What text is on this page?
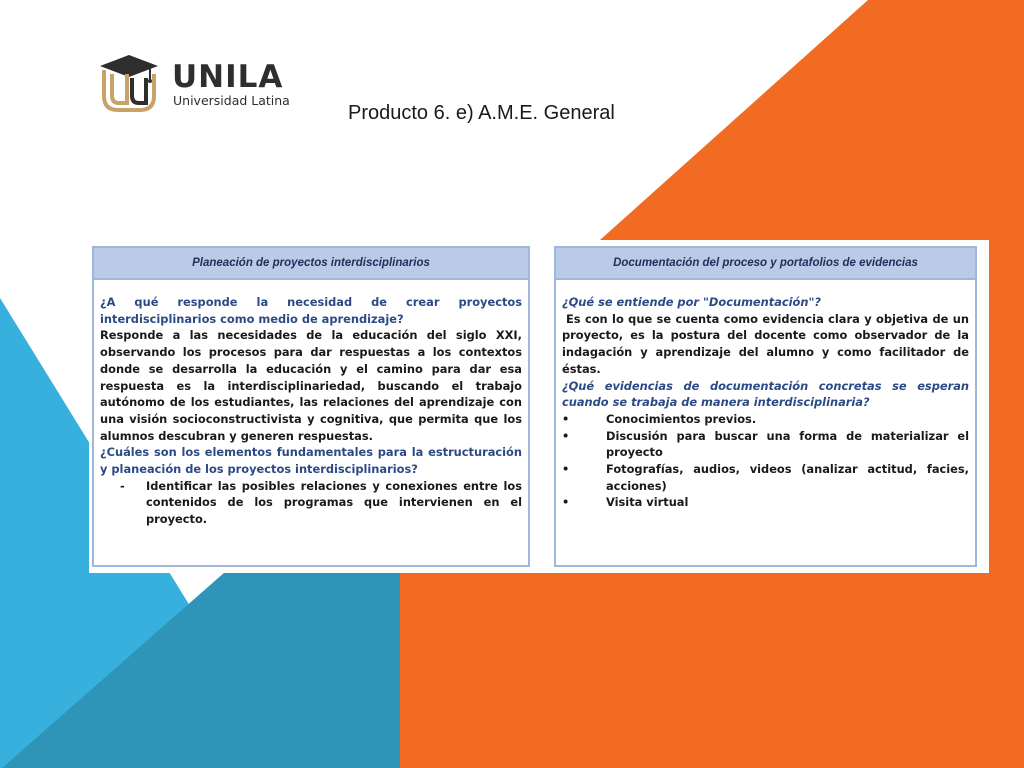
UNILA
Universidad Latina
Producto 6. e) A.M.E. General
Planeación de proyectos interdisciplinarios

¿A qué responde la necesidad de crear proyectos interdisciplinarios como medio de aprendizaje?

Responde a las necesidades de la educación del siglo XXI, observando los procesos para dar respuestas a los contextos donde se desarrolla la educación y el camino para dar esa respuesta es la interdisciplinariedad, buscando el trabajo autónomo de los estudiantes, las relaciones del aprendizaje con una visión socioconstructivista y cognitiva, que permita que los alumnos descubran y generen respuestas.

¿Cuáles son los elementos fundamentales para la estructuración y planeación de los proyectos interdisciplinarios?

-	Identificar las posibles relaciones y conexiones entre los contenidos de los programas que intervienen en el proyecto.
Documentación del proceso y portafolios de evidencias

¿Qué se entiende por "Documentación"?

Es con lo que se cuenta como evidencia clara y objetiva de un proyecto, es la postura del docente como observador de la indagación y aprendizaje del alumno y como facilitador de éstas.

¿Qué evidencias de documentación concretas se esperan cuando se trabaja de manera interdisciplinaria?

•	Conocimientos previos.
•	Discusión para buscar una forma de materializar el proyecto
•	Fotografías, audios, videos (analizar actitud, facies, acciones)
•	Visita virtual
